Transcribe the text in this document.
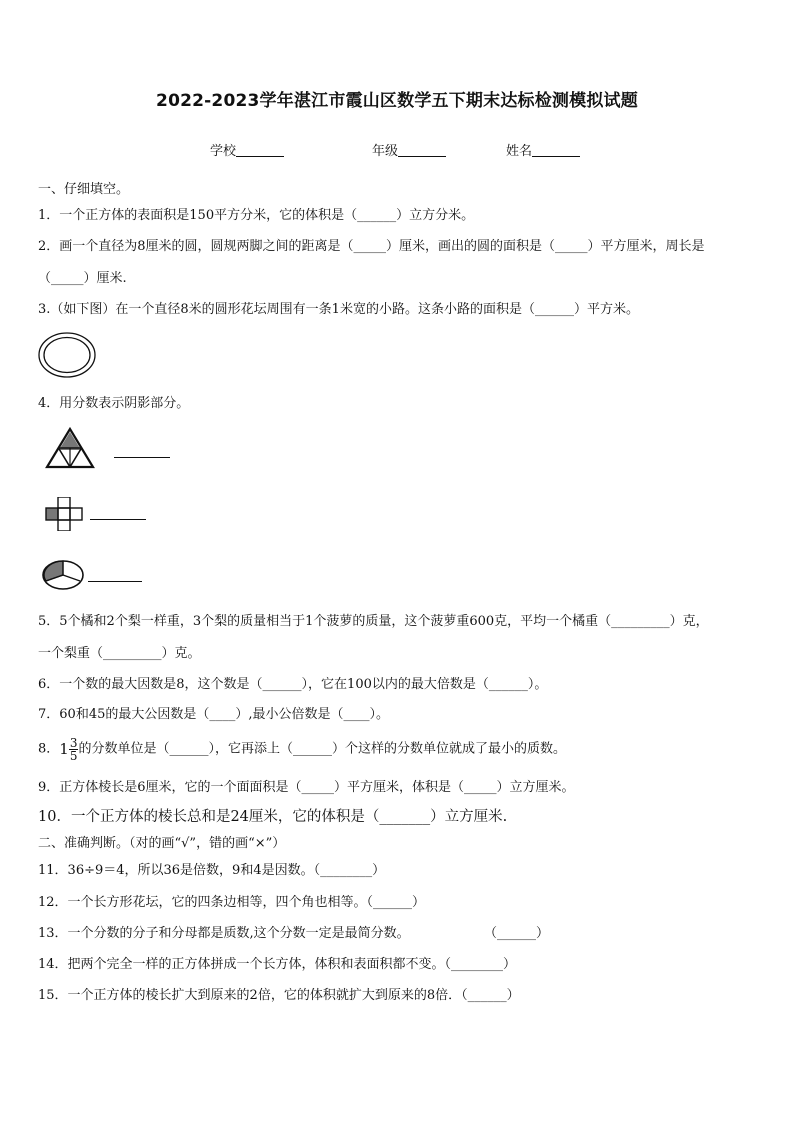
2022-2023学年湛江市霞山区数学五下期末达标检测模拟试题
学校	年级	姓名
一、仔细填空。
1．一个正方体的表面积是150平方分米，它的体积是（______）立方分米。
2．画一个直径为8厘米的圆，圆规两脚之间的距离是（_____）厘米，画出的圆的面积是（_____）平方厘米，周长是
（_____）厘米.
3.（如下图）在一个直径8米的圆形花坛周围有一条1米宽的小路。这条小路的面积是（______）平方米。
4．用分数表示阴影部分。
5．5个橘和2个梨一样重，3个梨的质量相当于1个菠萝的质量，这个菠萝重600克，平均一个橘重（_________）克，
一个梨重（_________）克。
6．一个数的最大因数是8，这个数是（______），它在100以内的最大倍数是（______）。
7．60和45的最大公因数是（____）,最小公倍数是（____）。
8．$1 \frac{3}{5}$ 的分数单位是（______），它再添上（______）个这样的分数单位就成了最小的质数。
9．正方体棱长是6厘米，它的一个面面积是（_____）平方厘米，体积是（_____）立方厘米。
10．一个正方体的棱长总和是24厘米，它的体积是（_______）立方厘米.
二、准确判断。（对的画“√”，错的画“×”）
11．36÷9＝4，所以36是倍数，9和4是因数。（________）
12．一个长方形花坛，它的四条边相等，四个角也相等。（______）
13．一个分数的分子和分母都是质数,这个分数一定是最简分数。	（______）
14．把两个完全一样的正方体拼成一个长方体，体积和表面积都不变。（________）
15．一个正方体的棱长扩大到原来的2倍，它的体积就扩大到原来的8倍．（______）
